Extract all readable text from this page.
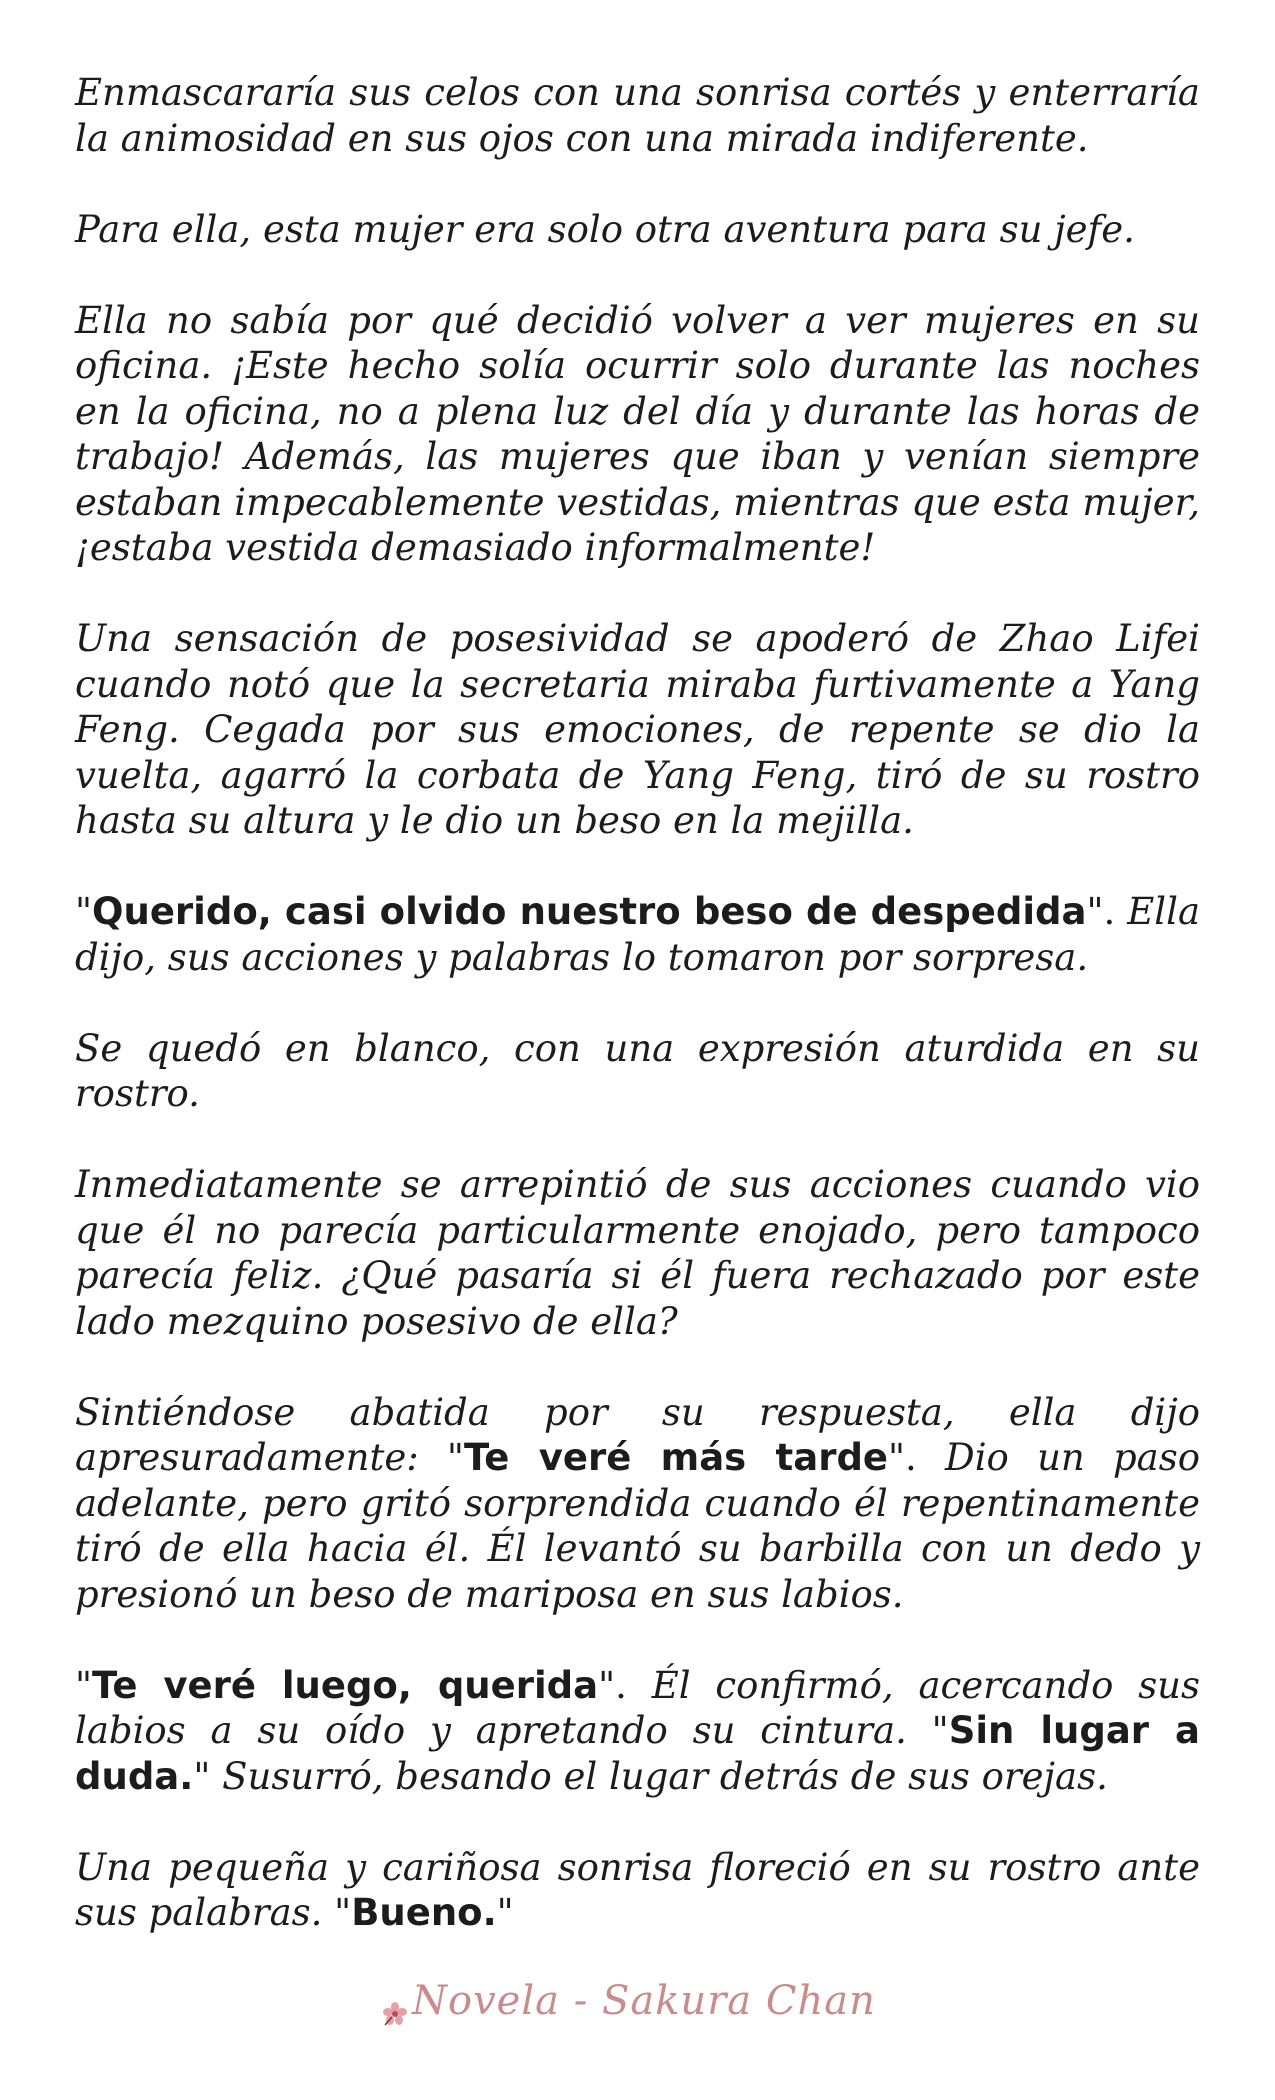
Enmascararía sus celos con una sonrisa cortés y enterraría la animosidad en sus ojos con una mirada indiferente.

Para ella, esta mujer era solo otra aventura para su jefe.

Ella no sabía por qué decidió volver a ver mujeres en su oficina. ¡Este hecho solía ocurrir solo durante las noches en la oficina, no a plena luz del día y durante las horas de trabajo! Además, las mujeres que iban y venían siempre estaban impecablemente vestidas, mientras que esta mujer, ¡estaba vestida demasiado informalmente!

Una sensación de posesividad se apoderó de Zhao Lifei cuando notó que la secretaria miraba furtivamente a Yang Feng. Cegada por sus emociones, de repente se dio la vuelta, agarró la corbata de Yang Feng, tiró de su rostro hasta su altura y le dio un beso en la mejilla.

"Querido, casi olvido nuestro beso de despedida". Ella dijo, sus acciones y palabras lo tomaron por sorpresa.

Se quedó en blanco, con una expresión aturdida en su rostro.

Inmediatamente se arrepintió de sus acciones cuando vio que él no parecía particularmente enojado, pero tampoco parecía feliz. ¿Qué pasaría si él fuera rechazado por este lado mezquino posesivo de ella?

Sintiéndose abatida por su respuesta, ella dijo apresuradamente: "Te veré más tarde". Dio un paso adelante, pero gritó sorprendida cuando él repentinamente tiró de ella hacia él. Él levantó su barbilla con un dedo y presionó un beso de mariposa en sus labios.

"Te veré luego, querida". Él confirmó, acercando sus labios a su oído y apretando su cintura. "Sin lugar a duda." Susurró, besando el lugar detrás de sus orejas.

Una pequeña y cariñosa sonrisa floreció en su rostro ante sus palabras. "Bueno."

Novela - Sakura Chan
